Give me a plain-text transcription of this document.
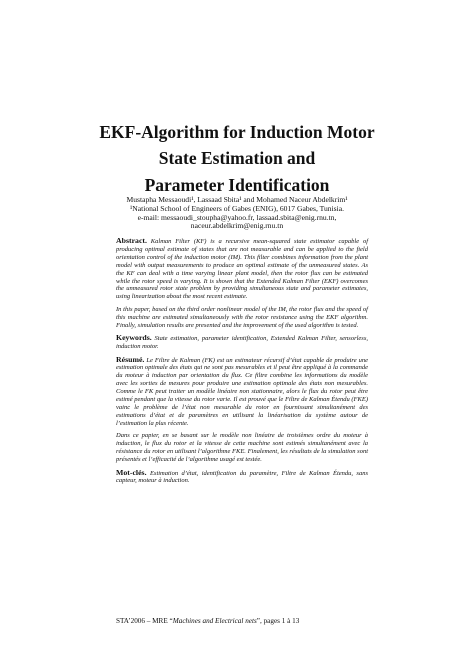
EKF-Algorithm for Induction Motor
State Estimation and
Parameter Identification
Mustapha Messaoudi¹, Lassaad Sbita¹ and Mohamed Naceur Abdelkrim¹
¹National School of Engineers of Gabes (ENIG), 6017 Gabes, Tunisia.
e-mail: messaoudi_stoupha@yahoo.fr, lassaad.sbita@enig.rnu.tn,
naceur.abdelkrim@enig.rnu.tn

Abstract. Kalman Filter (KF) is a recursive mean-squared state estimator capable of producing optimal estimate of states that are not measurable and can be applied to the field orientation control of the induction motor (IM). This filter combines information from the plant model with output measurements to produce an optimal estimate of the unmeasured states. As the KF can deal with a time varying linear plant model, then the rotor flux can be estimated while the rotor speed is varying. It is shown that the Extended Kalman Filter (EKF) overcomes the unmeasured rotor state problem by providing simultaneous state and parameter estimates, using linearization about the most recent estimate.

In this paper, based on the third order nonlinear model of the IM, the rotor flux and the speed of this machine are estimated simultaneously with the rotor resistance using the EKF algorithm. Finally, simulation results are presented and the improvement of the used algorithm is tested.

Keywords. State estimation, parameter identification, Extended Kalman Filter, sensorless, induction motor.

Résumé. Le Filtre de Kalman (FK) est un estimateur récursif d’état capable de produire une estimation optimale des états qui ne sont pas mesurables et il peut être appliqué à la commande du moteur à induction par orientation du flux. Ce filtre combine les informations du modèle avec les sorties de mesures pour produire une estimation optimale des états non mesurables. Comme le FK peut traiter un modèle linéaire non stationnaire, alors le flux du rotor peut être estimé pendant que la vitesse du rotor varie. Il est prouvé que le Filtre de Kalman Étendu (FKE) vainc le problème de l’état non mesurable du rotor en fournissant simultanément des estimations d’état et de paramètres en utilisant la linéarisation du système autour de l’estimation la plus récente.

Dans ce papier, en se basant sur le modèle non linéaire de troisièmes ordre du moteur à induction, le flux du rotor et la vitesse de cette machine sont estimés simultanément avec la résistance du rotor en utilisant l’algorithme FKE. Finalement, les résultats de la simulation sont présentés et l’efficacité de l’algorithme usagé est testée.

Mot-clés. Estimation d’état, identification du paramètre, Filtre de Kalman Étendu, sans capteur, moteur à induction.

STA’2006 – MRE “Machines and Electrical nets”, pages 1 à 13
